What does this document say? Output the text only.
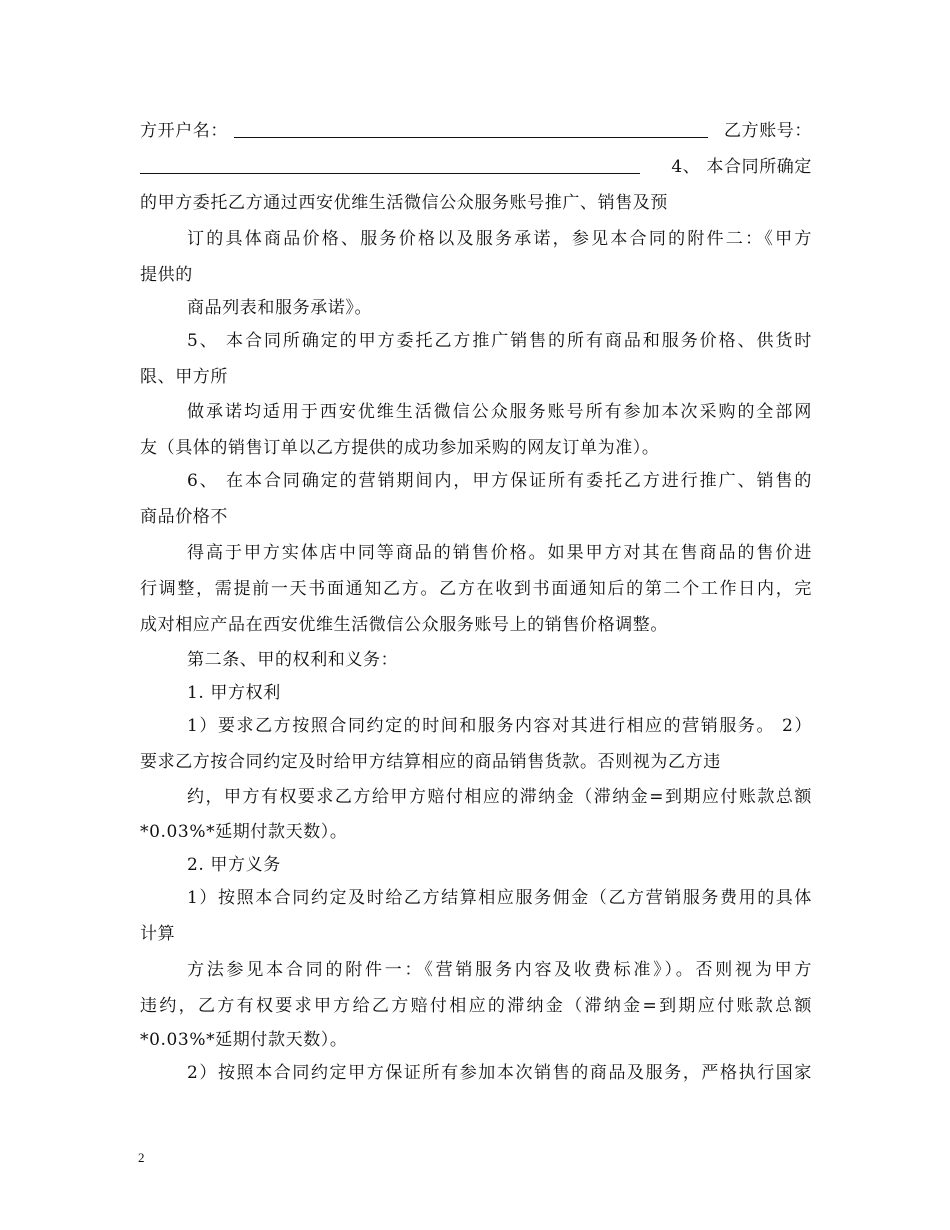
方开户名：	乙方账号：
4、 本合同所确定
的甲方委托乙方通过西安优维生活微信公众服务账号推广、销售及预
订的具体商品价格、服务价格以及服务承诺，参见本合同的附件二：《甲方
提供的
商品列表和服务承诺》。
5、 本合同所确定的甲方委托乙方推广销售的所有商品和服务价格、供货时
限、甲方所
做承诺均适用于西安优维生活微信公众服务账号所有参加本次采购的全部网
友（具体的销售订单以乙方提供的成功参加采购的网友订单为准）。
6、 在本合同确定的营销期间内，甲方保证所有委托乙方进行推广、销售的
商品价格不
得高于甲方实体店中同等商品的销售价格。如果甲方对其在售商品的售价进
行调整，需提前一天书面通知乙方。乙方在收到书面通知后的第二个工作日内，完
成对相应产品在西安优维生活微信公众服务账号上的销售价格调整。
第二条、甲的权利和义务：
1. 甲方权利
1）要求乙方按照合同约定的时间和服务内容对其进行相应的营销服务。 2）
要求乙方按合同约定及时给甲方结算相应的商品销售货款。否则视为乙方违
约，甲方有权要求乙方给甲方赔付相应的滞纳金（滞纳金=到期应付账款总额
*0.03%*延期付款天数）。
2. 甲方义务
1）按照本合同约定及时给乙方结算相应服务佣金（乙方营销服务费用的具体
计算
方法参见本合同的附件一：《营销服务内容及收费标准》）。否则视为甲方
违约，乙方有权要求甲方给乙方赔付相应的滞纳金（滞纳金=到期应付账款总额
*0.03%*延期付款天数）。
2）按照本合同约定甲方保证所有参加本次销售的商品及服务，严格执行国家
2
